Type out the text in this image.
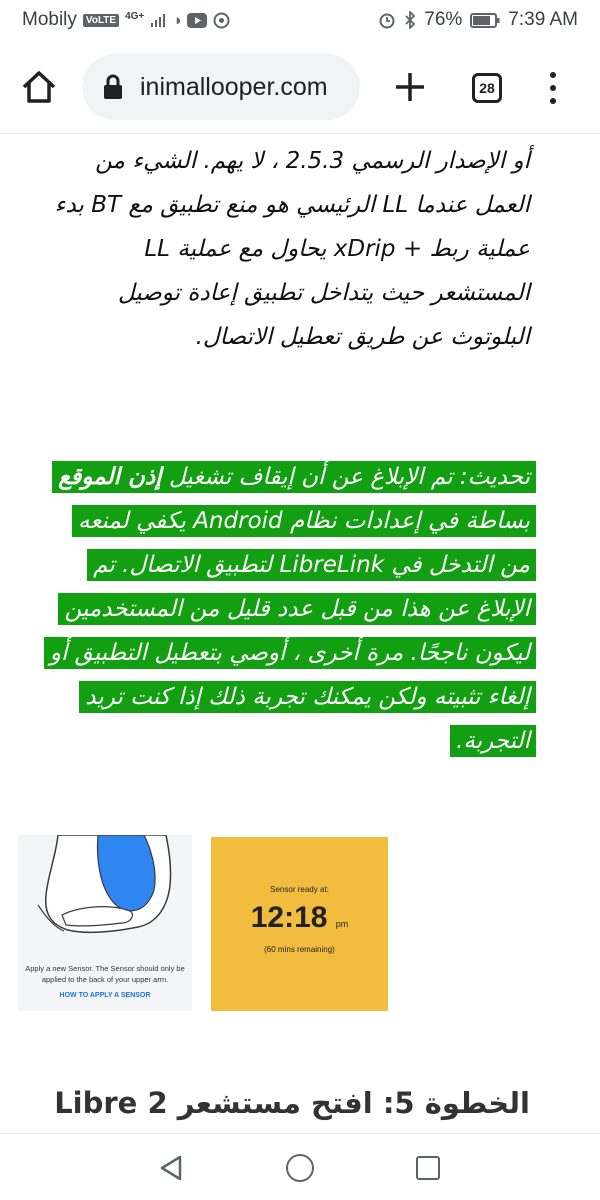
Mobily VoLTE 4G+ ◑	76% 7:39 AM
inimallooper.com	28

أو الإصدار الرسمي 2.5.3 ، لا يهم. الشيء من العمل عندما LL الرئيسي هو منع تطبيق مع BT بدء عملية ربط + xDrip يحاول مع عملية LL المستشعر حيث يتداخل تطبيق إعادة توصيل البلوتوث عن طريق تعطيل الاتصال.

تحديث: تم الإبلاغ عن أن إيقاف تشغيل إذن الموقع بساطة في إعدادات نظام Android يكفي لمنعه من التدخل في LibreLink لتطبيق الاتصال. تم الإبلاغ عن هذا من قبل عدد قليل من المستخدمين ليكون ناجحًا. مرة أخرى ، أوصي بتعطيل التطبيق أو إلغاء تثبيته ولكن يمكنك تجربة ذلك إذا كنت تريد التجربة.

Apply a new Sensor. The Sensor should only be applied to the back of your upper arm.
HOW TO APPLY A SENSOR
Sensor ready at:
12:18 pm
(60 mins remaining)
الخطوة 5: افتح مستشعر Libre 2
